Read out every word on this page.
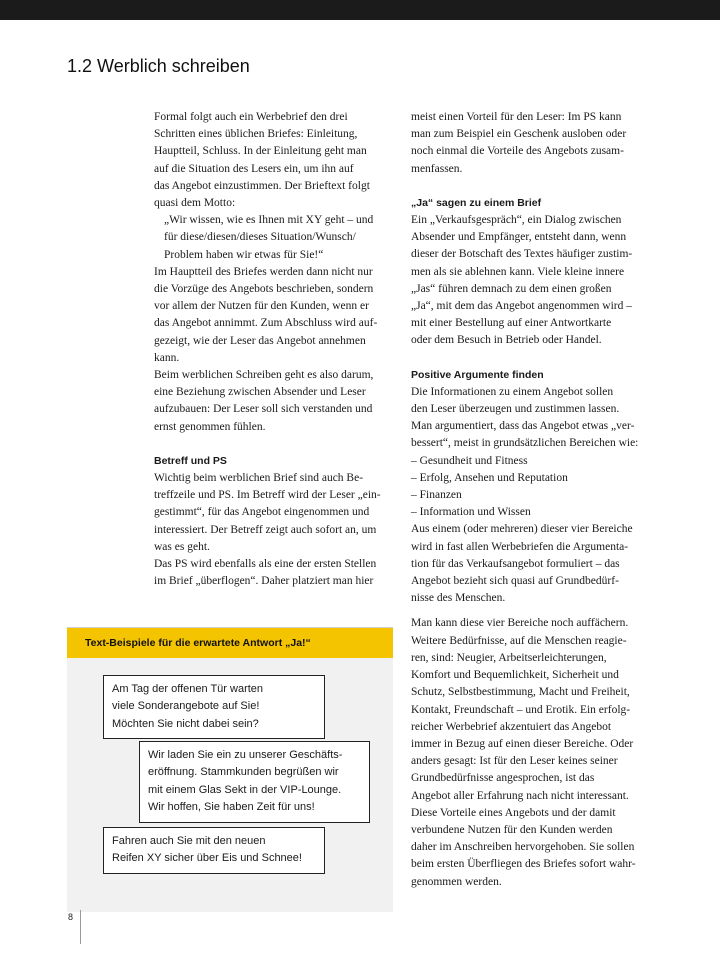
1.2 Werblich schreiben

Formal folgt auch ein Werbebrief den drei
Schritten eines üblichen Briefes: Einleitung,
Hauptteil, Schluss. In der Einleitung geht man
auf die Situation des Lesers ein, um ihn auf
das Angebot einzustimmen. Der Brieftext folgt
quasi dem Motto:

„Wir wissen, wie es Ihnen mit XY geht – und
für diese/diesen/dieses Situation/Wunsch/
Problem haben wir etwas für Sie!“

Im Hauptteil des Briefes werden dann nicht nur
die Vorzüge des Angebots beschrieben, sondern
vor allem der Nutzen für den Kunden, wenn er
das Angebot annimmt. Zum Abschluss wird auf-
gezeigt, wie der Leser das Angebot annehmen
kann.

Beim werblichen Schreiben geht es also darum,
eine Beziehung zwischen Absender und Leser
aufzubauen: Der Leser soll sich verstanden und
ernst genommen fühlen.

Betreff und PS

Wichtig beim werblichen Brief sind auch Be-
treffzeile und PS. Im Betreff wird der Leser „ein-
gestimmt“, für das Angebot eingenommen und
interessiert. Der Betreff zeigt auch sofort an, um
was es geht.

Das PS wird ebenfalls als eine der ersten Stellen
im Brief „überflogen“. Daher platziert man hier

meist einen Vorteil für den Leser: Im PS kann
man zum Beispiel ein Geschenk ausloben oder
noch einmal die Vorteile des Angebots zusam-
menfassen.

„Ja“ sagen zu einem Brief

Ein „Verkaufsgespräch“, ein Dialog zwischen
Absender und Empfänger, entsteht dann, wenn
dieser der Botschaft des Textes häufiger zustim-
men als sie ablehnen kann. Viele kleine innere
„Jas“ führen demnach zu dem einen großen
„Ja“, mit dem das Angebot angenommen wird –
mit einer Bestellung auf einer Antwortkarte
oder dem Besuch in Betrieb oder Handel.

Positive Argumente finden

Die Informationen zu einem Angebot sollen
den Leser überzeugen und zustimmen lassen.
Man argumentiert, dass das Angebot etwas „ver-
bessert“, meist in grundsätzlichen Bereichen wie:
– Gesundheit und Fitness
– Erfolg, Ansehen und Reputation
– Finanzen
– Information und Wissen
Aus einem (oder mehreren) dieser vier Bereiche
wird in fast allen Werbebriefen die Argumenta-
tion für das Verkaufsangebot formuliert – das
Angebot bezieht sich quasi auf Grundbedürf-
nisse des Menschen.

Man kann diese vier Bereiche noch auffächern.
Weitere Bedürfnisse, auf die Menschen reagie-
ren, sind: Neugier, Arbeitserleichterungen,
Komfort und Bequemlichkeit, Sicherheit und
Schutz, Selbstbestimmung, Macht und Freiheit,
Kontakt, Freundschaft – und Erotik. Ein erfolg-
reicher Werbebrief akzentuiert das Angebot
immer in Bezug auf einen dieser Bereiche. Oder
anders gesagt: Ist für den Leser keines seiner
Grundbedürfnisse angesprochen, ist das
Angebot aller Erfahrung nach nicht interessant.
Diese Vorteile eines Angebots und der damit
verbundene Nutzen für den Kunden werden
daher im Anschreiben hervorgehoben. Sie sollen
beim ersten Überfliegen des Briefes sofort wahr-
genommen werden.

Text-Beispiele für die erwartete Antwort „Ja!“
Am Tag der offenen Tür warten
viele Sonderangebote auf Sie!
Möchten Sie nicht dabei sein?
Wir laden Sie ein zu unserer Geschäfts-
eröffnung. Stammkunden begrüßen wir
mit einem Glas Sekt in der VIP-Lounge.
Wir hoffen, Sie haben Zeit für uns!
Fahren auch Sie mit den neuen
Reifen XY sicher über Eis und Schnee!
8
